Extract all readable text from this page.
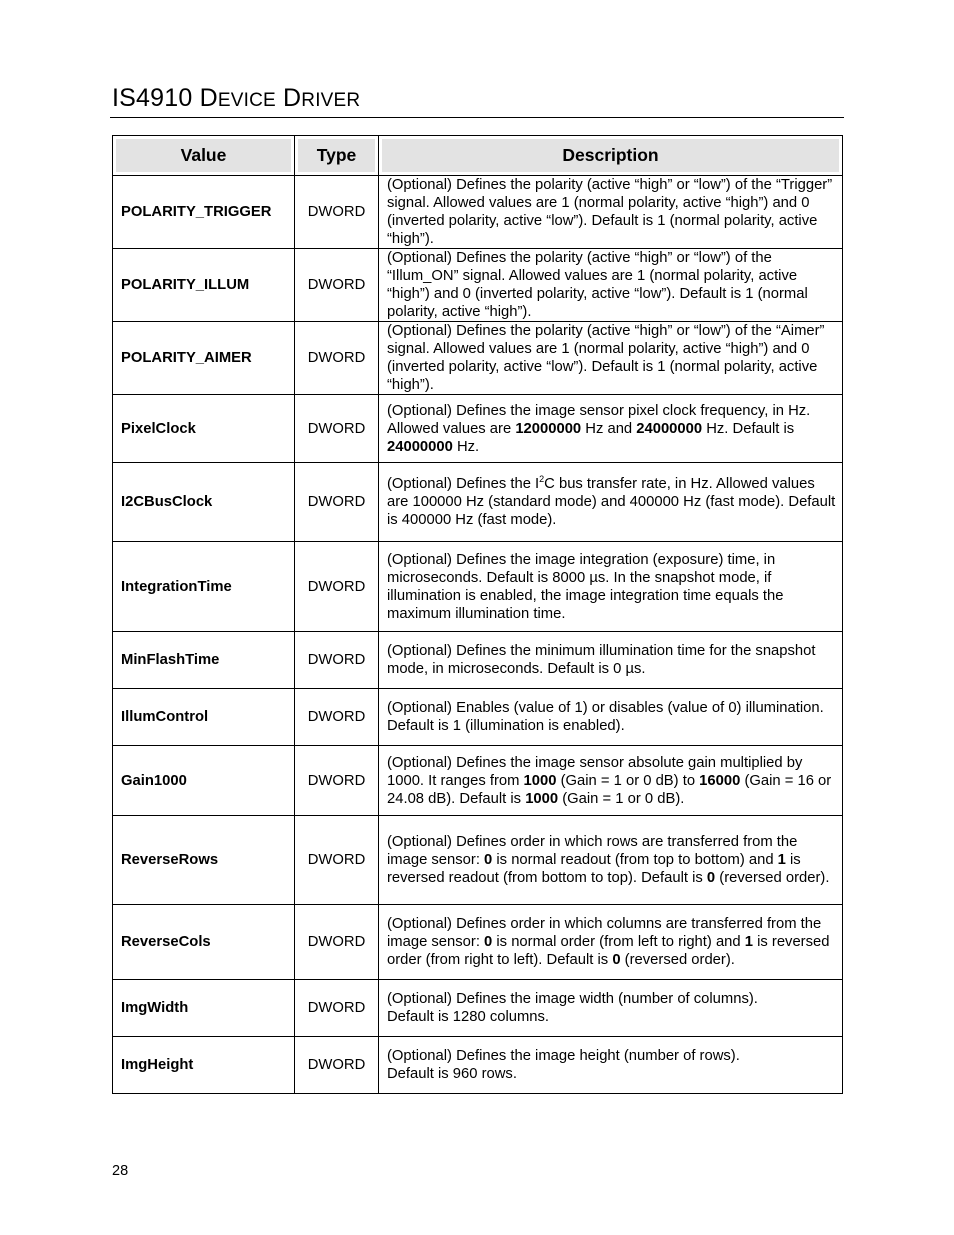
IS4910 DEVICE DRIVER
Value	Type	Description
POLARITY_TRIGGER	DWORD	(Optional) Defines the polarity (active “high” or “low”) of the “Trigger” signal. Allowed values are 1 (normal polarity, active “high”) and 0 (inverted polarity, active “low”). Default is 1 (normal polarity, active “high”).
POLARITY_ILLUM	DWORD	(Optional) Defines the polarity (active “high” or “low”) of the “Illum_ON” signal. Allowed values are 1 (normal polarity, active “high”) and 0 (inverted polarity, active “low”). Default is 1 (normal polarity, active “high”).
POLARITY_AIMER	DWORD	(Optional) Defines the polarity (active “high” or “low”) of the “Aimer” signal. Allowed values are 1 (normal polarity, active “high”) and 0 (inverted polarity, active “low”). Default is 1 (normal polarity, active “high”).
PixelClock	DWORD	(Optional) Defines the image sensor pixel clock frequency, in Hz. Allowed values are 12000000 Hz and 24000000 Hz. Default is 24000000 Hz.
I2CBusClock	DWORD	(Optional) Defines the $I^2C$ bus transfer rate, in Hz. Allowed values are 100000 Hz (standard mode) and 400000 Hz (fast mode). Default is 400000 Hz (fast mode).
IntegrationTime	DWORD	(Optional) Defines the image integration (exposure) time, in microseconds. Default is 8000 µs. In the snapshot mode, if illumination is enabled, the image integration time equals the maximum illumination time.
MinFlashTime	DWORD	(Optional) Defines the minimum illumination time for the snapshot mode, in microseconds. Default is 0 µs.
IllumControl	DWORD	(Optional) Enables (value of 1) or disables (value of 0) illumination. Default is 1 (illumination is enabled).
Gain1000	DWORD	(Optional) Defines the image sensor absolute gain multiplied by 1000. It ranges from 1000 (Gain = 1 or 0 dB) to 16000 (Gain = 16 or 24.08 dB). Default is 1000 (Gain = 1 or 0 dB).
ReverseRows	DWORD	(Optional) Defines order in which rows are transferred from the image sensor: 0 is normal readout (from top to bottom) and 1 is reversed readout (from bottom to top). Default is 0 (reversed order).
ReverseCols	DWORD	(Optional) Defines order in which columns are transferred from the image sensor: 0 is normal order (from left to right) and 1 is reversed order (from right to left). Default is 0 (reversed order).
ImgWidth	DWORD	(Optional) Defines the image width (number of columns).
Default is 1280 columns.
ImgHeight	DWORD	(Optional) Defines the image height (number of rows).
Default is 960 rows.
28
